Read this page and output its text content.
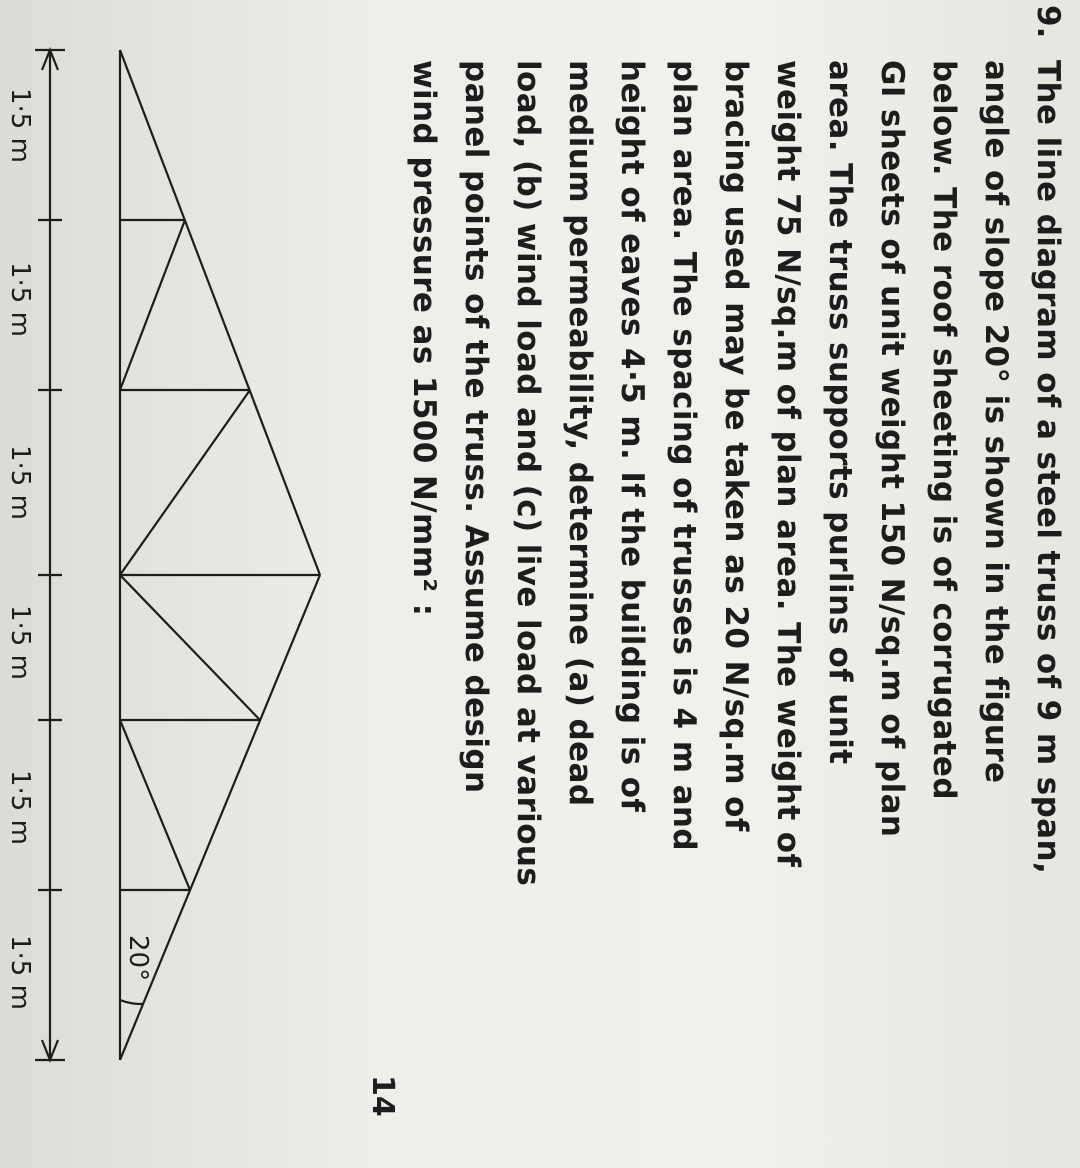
9.
The line diagram of a steel truss of 9 m span,
angle of slope 20° is shown in the figure
below. The roof sheeting is of corrugated
GI sheets of unit weight 150 N/sq.m of plan
area. The truss supports purlins of unit
weight 75 N/sq.m of plan area. The weight of
bracing used may be taken as 20 N/sq.m of
plan area. The spacing of trusses is 4 m and
height of eaves 4·5 m. If the building is of
medium permeability, determine (a) dead
load, (b) wind load and (c) live load at various
panel points of the truss. Assume design
wind pressure as 1500 N/mm² :
14
20°
1·5 m
1·5 m
1·5 m
1·5 m
1·5 m
1·5 m
